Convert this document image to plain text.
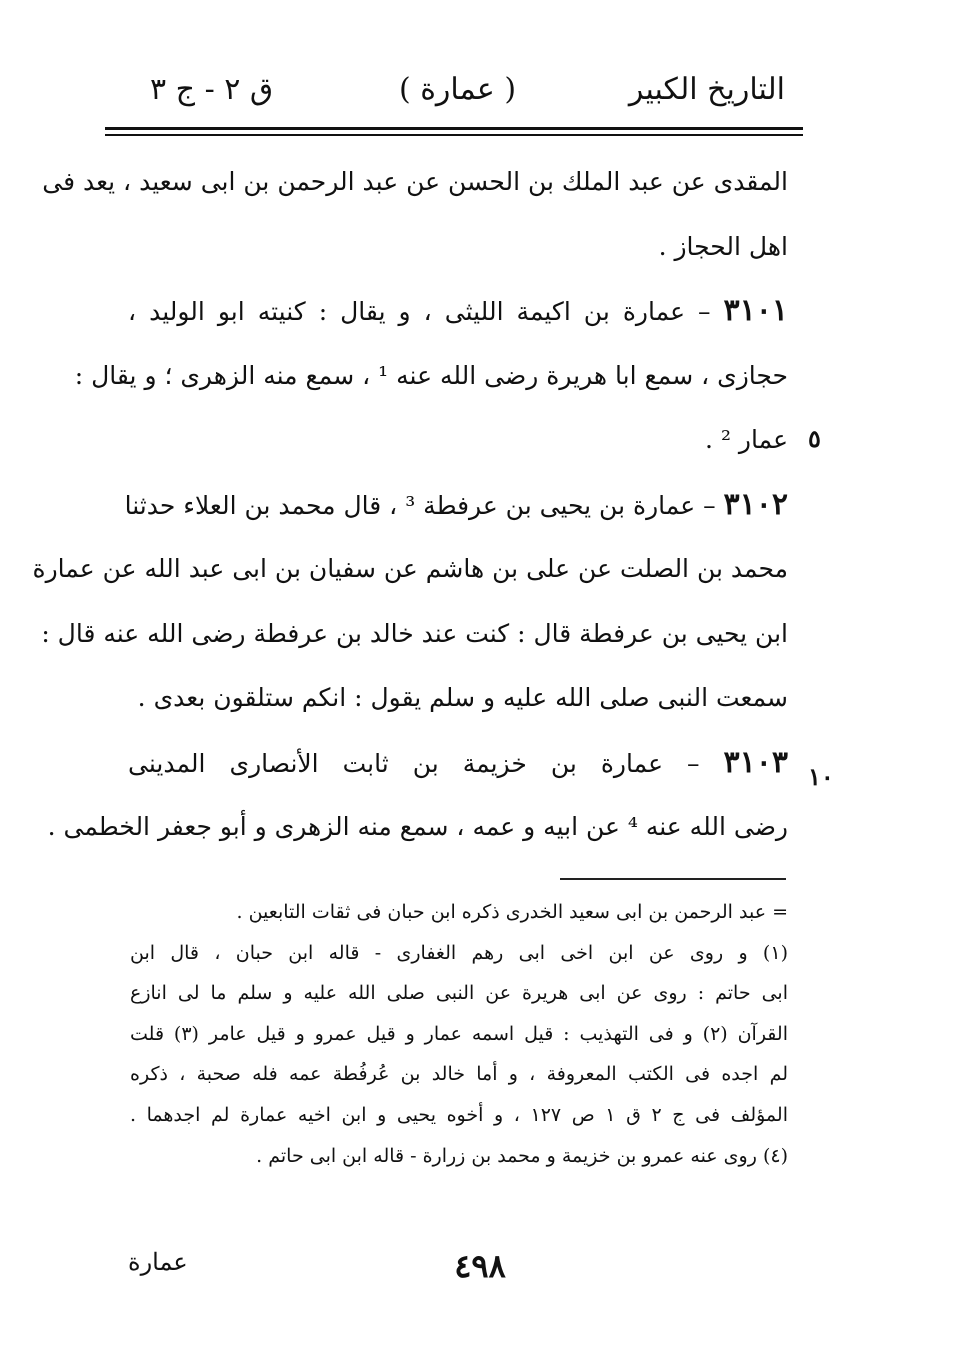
التاريخ الكبير
( عمارة )
ق ٢ - ج ٣
٥
١٠
المقدى عن عبد الملك بن الحسن عن عبد الرحمن بن ابى سعيد ، يعد فى
اهل الحجاز .
٣١٠١ – عمارة بن اكيمة الليثى ، و يقال : كنيته ابو الوليد ،
حجازى ، سمع ابا هريرة رضى الله عنه ¹ ، سمع منه الزهرى ؛ و يقال :
عمار ² .
٣١٠٢ – عمارة بن يحيى بن عرفطة ³ ، قال محمد بن العلاء حدثنا
محمد بن الصلت عن على بن هاشم عن سفيان بن ابى عبد الله عن عمارة
ابن يحيى بن عرفطة قال : كنت عند خالد بن عرفطة رضى الله عنه قال :
سمعت النبى صلى الله عليه و سلم يقول : انكم ستلقون بعدى .
٣١٠٣ – عمارة بن خزيمة بن ثابت الأنصارى المدينى
رضى الله عنه ⁴ عن ابيه و عمه ، سمع منه الزهرى و أبو جعفر الخطمى .
= عبد الرحمن بن ابى سعيد الخدرى ذكره ابن حبان فى ثقات التابعين .
(١) و روى عن ابن اخى ابى رهم الغفارى - قاله ابن حبان ، قال ابن
ابى حاتم : روى عن ابى هريرة عن النبى صلى الله عليه و سلم ما لى انازع
القرآن (٢) و فى التهذيب : قيل اسمه عمار و قيل عمرو و قيل عامر (٣) قلت
لم اجده فى الكتب المعروفة ، و أما خالد بن عُرفُطة عمه فله صحبة ، ذكره
المؤلف فى ج ٢ ق ١ ص ١٢٧ ، و أخوه يحيى و ابن اخيه عمارة لم اجدهما .
(٤) روى عنه عمرو بن خزيمة و محمد بن زرارة - قاله ابن ابى حاتم .
٤٩٨
عمارة
